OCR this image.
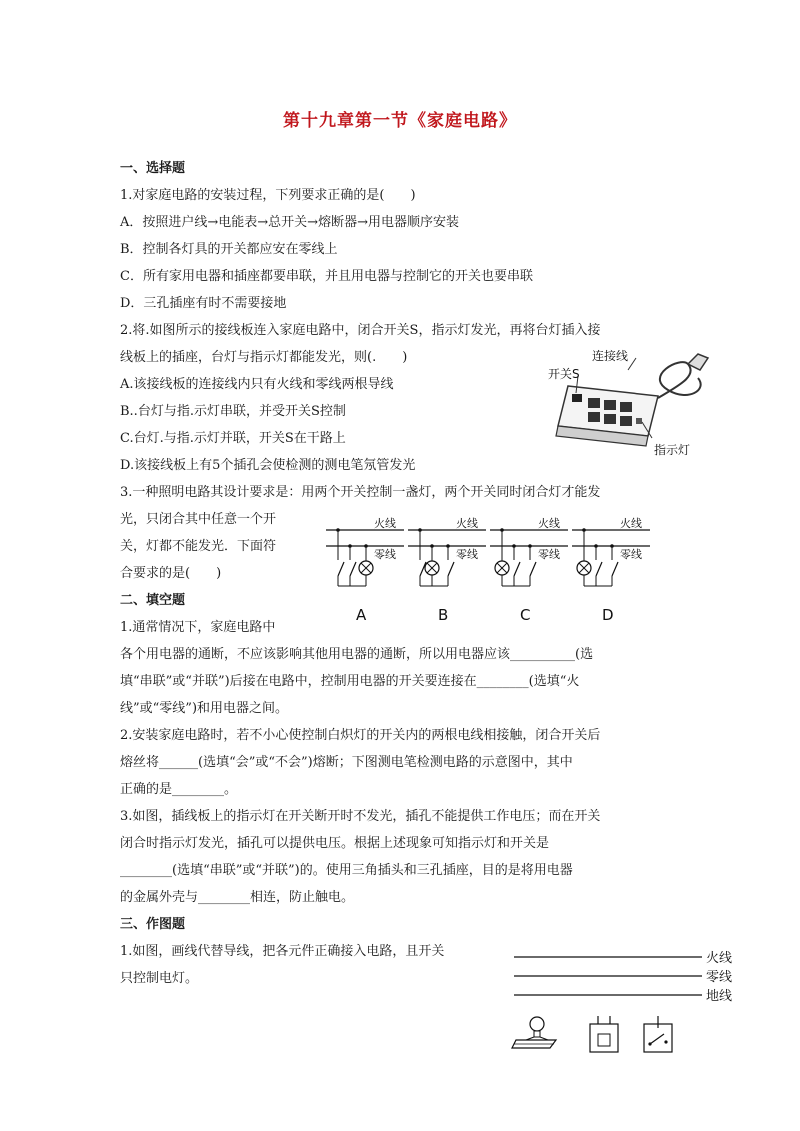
第十九章第一节《家庭电路》
一、选择题
1.对家庭电路的安装过程，下列要求正确的是(　　)
A．按照进户线→电能表→总开关→熔断器→用电器顺序安装
B．控制各灯具的开关都应安在零线上
C．所有家用电器和插座都要串联，并且用电器与控制它的开关也要串联
D．三孔插座有时不需要接地
2.将.如图所示的接线板连入家庭电路中，闭合开关S，指示灯发光，再将台灯插入接
线板上的插座，台灯与指示灯都能发光，则(.　　)
A.该接线板的连接线内只有火线和零线两根导线
B..台灯与指.示灯串联，并受开关S控制
C.台灯.与指.示灯并联，开关S在干路上
D.该接线板上有5个插孔会使检测的测电笔氖管发光
连接线
开关S
指示灯
3.一种照明电路其设计要求是：用两个开关控制一盏灯，两个开关同时闭合灯才能发
光，只闭合其中任意一个开
关，灯都不能发光．下面符
合要求的是(　　)
火线
零线
A
火线
零线
B
火线
零线
C
火线
零线
D
二、填空题
1.通常情况下，家庭电路中
各个用电器的通断，不应该影响其他用电器的通断，所以用电器应该__________(选
填“串联”或“并联”)后接在电路中，控制用电器的开关要连接在________(选填“火
线”或“零线”)和用电器之间。
2.安装家庭电路时，若不小心使控制白炽灯的开关内的两根电线相接触，闭合开关后
熔丝将______(选填“会”或“不会”)熔断；下图测电笔检测电路的示意图中，其中
正确的是________。
3.如图，插线板上的指示灯在开关断开时不发光，插孔不能提供工作电压；而在开关
闭合时指示灯发光，插孔可以提供电压。根据上述现象可知指示灯和开关是
________(选填“串联”或“并联”)的。使用三角插头和三孔插座，目的是将用电器
的金属外壳与________相连，防止触电。
三、作图题
1.如图，画线代替导线，把各元件正确接入电路，且开关
只控制电灯。
火线
零线
地线
